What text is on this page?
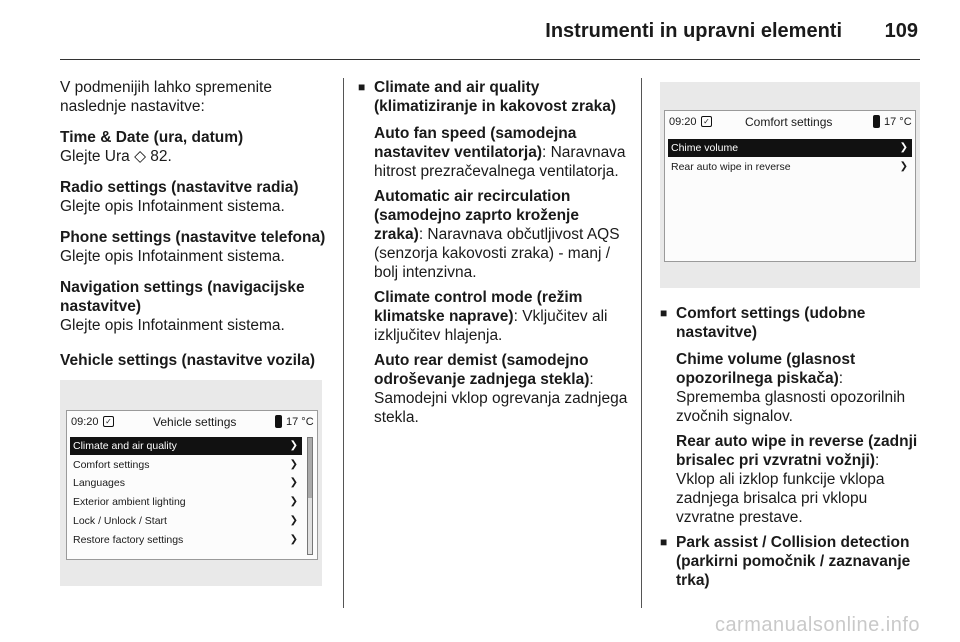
Instrumenti in upravni elementi 109

V podmenijih lahko spremenite naslednje nastavitve:

Time & Date (ura, datum)
Glejte Ura ◇ 82.

Radio settings (nastavitve radia)
Glejte opis Infotainment sistema.

Phone settings (nastavitve telefona)
Glejte opis Infotainment sistema.

Navigation settings (navigacijske nastavitve)
Glejte opis Infotainment sistema.

Vehicle settings (nastavitve vozila)

09:20 ✓	Vehicle settings	17 °C
Climate and air quality	❯
Comfort settings	❯
Languages	❯
Exterior ambient lighting	❯
Lock / Unlock / Start	❯
Restore factory settings	❯
■ Climate and air quality (klimatiziranje in kakovost zraka)

Auto fan speed (samodejna nastavitev ventilatorja): Naravnava hitrost prezračevalnega ventilatorja.

Automatic air recirculation (samodejno zaprto kroženje zraka): Naravnava občutljivost AQS (senzorja kakovosti zraka) - manj / bolj intenzivna.

Climate control mode (režim klimatske naprave): Vključitev ali izključitev hlajenja.

Auto rear demist (samodejno odroševanje zadnjega stekla): Samodejni vklop ogrevanja zadnjega stekla.

09:20 ✓	Comfort settings	17 °C
Chime volume	❯
Rear auto wipe in reverse	❯
■ Comfort settings (udobne nastavitve)

Chime volume (glasnost opozorilnega piskača): Sprememba glasnosti opozorilnih zvočnih signalov.

Rear auto wipe in reverse (zadnji brisalec pri vzvratni vožnji): Vklop ali izklop funkcije vklopa zadnjega brisalca pri vklopu vzvratne prestave.

■ Park assist / Collision detection (parkirni pomočnik / zaznavanje trka)
carmanualsonline.info
